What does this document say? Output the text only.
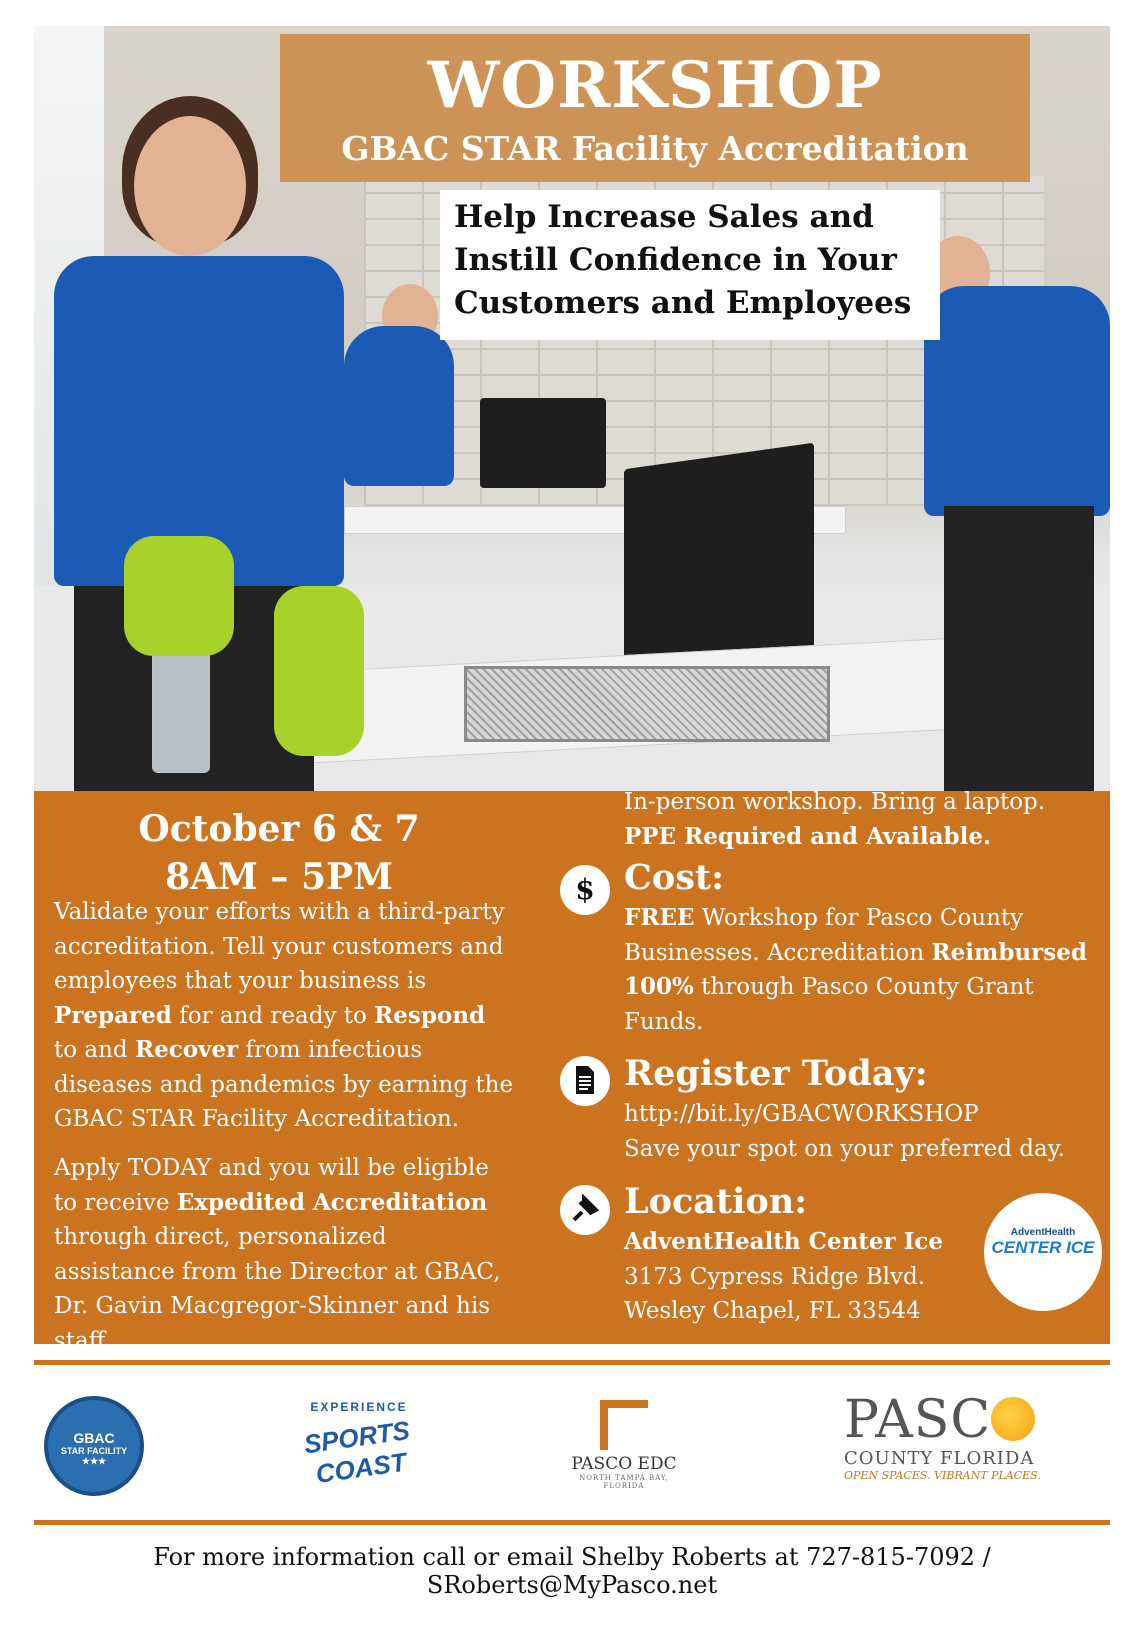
WORKSHOP
GBAC STAR Facility Accreditation
Help Increase Sales and
Instill Confidence in Your
Customers and Employees
October 6 & 7
8AM – 5PM
Validate your efforts with a third-party accreditation. Tell your customers and employees that your business is Prepared for and ready to Respond to and Recover from infectious diseases and pandemics by earning the GBAC STAR Facility Accreditation.
Apply TODAY and you will be eligible to receive Expedited Accreditation through direct, personalized assistance from the Director at GBAC, Dr. Gavin Macgregor-Skinner and his staff.
In-person workshop. Bring a laptop.
PPE Required and Available.
$ Cost:
FREE Workshop for Pasco County Businesses. Accreditation Reimbursed 100% through Pasco County Grant Funds.
Register Today:
http://bit.ly/GBACWORKSHOP
Save your spot on your preferred day.
Location:
AdventHealth Center Ice
3173 Cypress Ridge Blvd.
Wesley Chapel, FL 33544
AdventHealth
CENTER ICE
GBAC
STAR FACILITY
★★★
EXPERIENCE
SPORTS COAST	PASCO EDC
NORTH TAMPA BAY, FLORIDA
PASC
COUNTY FLORIDA
OPEN SPACES. VIBRANT PLACES.
For more information call or email Shelby Roberts at 727-815-7092 / SRoberts@MyPasco.net
